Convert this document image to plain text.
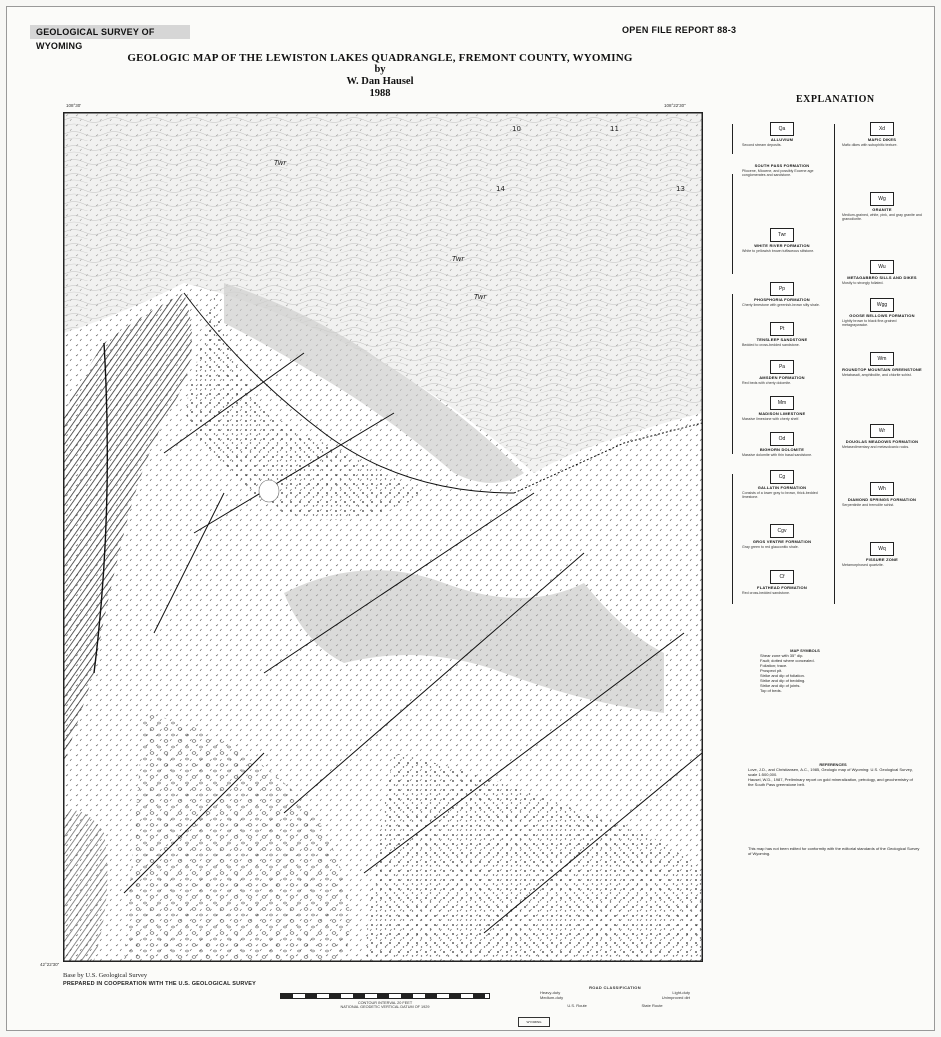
GEOLOGICAL SURVEY OF WYOMING
OPEN FILE REPORT 88-3
GEOLOGIC MAP OF THE LEWISTON LAKES QUADRANGLE, FREMONT COUNTY, WYOMING
by
W. Dan Hausel
1988
108°30'	108°22'30"
42°22'30"
10	11
14	13
Twr
Twr
Twr
EXPLANATION
Qa
ALLUVIUM
Second stream deposits.
SOUTH PASS FORMATION
Pliocene, Miocene, and possibly Eocene age conglomerates and sandstone.
Twr
WHITE RIVER FORMATION
White to yellowish brown tuffaceous siltstone.
Pp
PHOSPHORIA FORMATION
Cherty limestone with greenish-brown silty shale.
Pt
TENSLEEP SANDSTONE
Bedded to cross-bedded sandstone.
Pa
AMSDEN FORMATION
Red beds with cherty dolomite.
Mm
MADISON LIMESTONE
Massive limestone with cherty shelf.
Od
BIGHORN DOLOMITE
Massive dolomite with thin basal sandstone.
Cg
GALLATIN FORMATION
Consists of a lower gray to brown, thick-bedded limestone.
Cgv
GROS VENTRE FORMATION
Gray green to red glauconitic shale.
Cf
FLATHEAD FORMATION
Red cross-bedded sandstone.
Xd
MAFIC DIKES
Mafic dikes with subophitic texture.
Wg
GRANITE
Medium-grained, white, pink, and gray granite and granodiorite.
Wu
METAGABBRO SILLS AND DIKES
Mostly to strongly foliated.
Wgg
GOOSE BELLOWS FORMATION
Lightly brown to black fine-grained metagraywacke.
Wm
ROUNDTOP MOUNTAIN GREENSTONE
Metabasalt, amphibolite, and chlorite schist.
Wr
DOUGLAS MEADOWS FORMATION
Metasedimentary and metavolcanic rocks.
Wh
DIAMOND SPRINGS FORMATION
Serpentinite and tremolite schist.
Wq
FISSURE ZONE
Metamorphosed quartzite.
MAP SYMBOLS
Shear zone with 35° dip.
Fault; dotted where concealed.
Foliation; trace.
Prospect pit.
Strike and dip of foliation.
Strike and dip of bedding.
Strike and dip of joints.
Top of beds.
REFERENCES
Love, J.D., and Christiansen, A.C., 1985, Geologic map of Wyoming: U.S. Geological Survey, scale 1:500,000.
Hausel, W.D., 1987, Preliminary report on gold mineralization, petrology, and geochemistry of the South Pass greenstone belt.
This map has not been edited for conformity with the editorial standards of the Geological Survey of Wyoming.
Base by U.S. Geological Survey
PREPARED IN COOPERATION WITH THE U.S. GEOLOGICAL SURVEY
CONTOUR INTERVAL 20 FEET
NATIONAL GEODETIC VERTICAL DATUM OF 1929
ROAD CLASSIFICATION
Heavy-duty	Light-duty
Medium-duty	Unimproved dirt
U.S. Route	State Route
WYOMING
